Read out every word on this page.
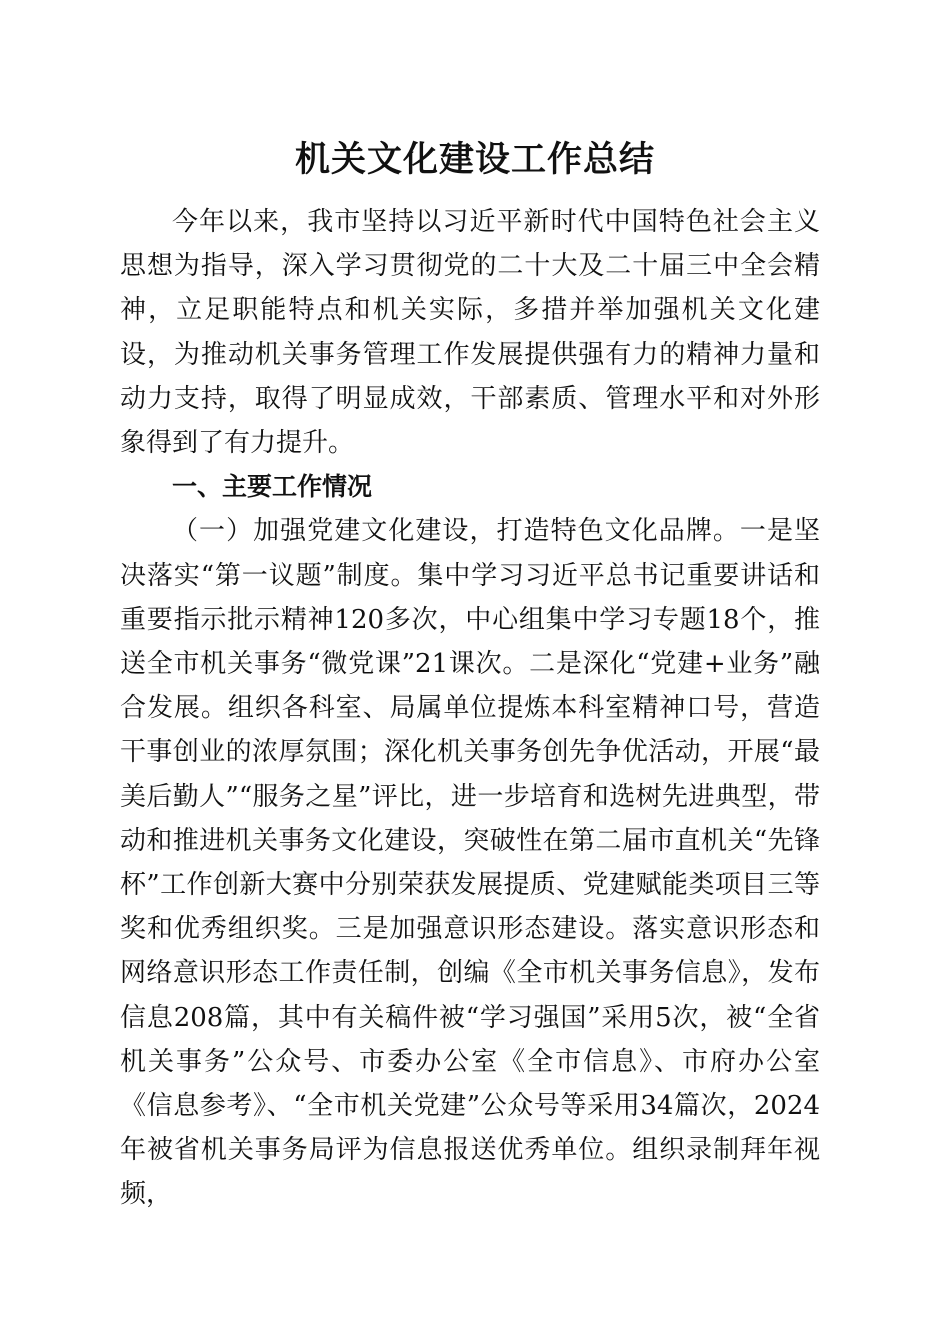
机关文化建设工作总结

今年以来，我市坚持以习近平新时代中国特色社会主义思想为指导，深入学习贯彻党的二十大及二十届三中全会精神，立足职能特点和机关实际，多措并举加强机关文化建设，为推动机关事务管理工作发展提供强有力的精神力量和动力支持，取得了明显成效，干部素质、管理水平和对外形象得到了有力提升。

一、主要工作情况

（一）加强党建文化建设，打造特色文化品牌。一是坚决落实“第一议题”制度。集中学习习近平总书记重要讲话和重要指示批示精神120多次，中心组集中学习专题18个，推送全市机关事务“微党课”21课次。二是深化“党建+业务”融合发展。组织各科室、局属单位提炼本科室精神口号，营造干事创业的浓厚氛围；深化机关事务创先争优活动，开展“最美后勤人”“服务之星”评比，进一步培育和选树先进典型，带动和推进机关事务文化建设，突破性在第二届市直机关“先锋杯”工作创新大赛中分别荣获发展提质、党建赋能类项目三等奖和优秀组织奖。三是加强意识形态建设。落实意识形态和网络意识形态工作责任制，创编《全市机关事务信息》，发布信息208篇，其中有关稿件被“学习强国”采用5次，被“全省机关事务”公众号、市委办公室《全市信息》、市府办公室《信息参考》、“全市机关党建”公众号等采用34篇次，2024年被省机关事务局评为信息报送优秀单位。组织录制拜年视频，
